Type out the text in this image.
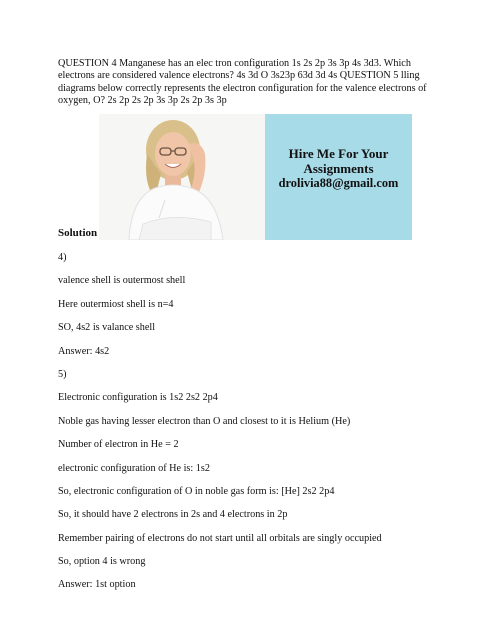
QUESTION 4 Manganese has an elec tron configuration 1s 2s 2p 3s 3p 4s 3d3. Which electrons are considered valence electrons? 4s 3d O 3s23p 63d 3d 4s QUESTION 5 lling diagrams below correctly represents the electron configuration for the valence electrons of oxygen, O? 2s 2p 2s 2p 3s 3p 2s 2p 3s 3p

Solution
Hire Me For Your
Assignments
drolivia88@gmail.com
4)
valence shell is outermost shell
Here outermiost shell is n=4
SO, 4s2 is valance shell
Answer: 4s2
5)
Electronic configuration is 1s2 2s2 2p4
Noble gas having lesser electron than O and closest to it is Helium (He)
Number of electron in He = 2
electronic configuration of He is: 1s2
So, electronic configuration of O in noble gas form is: [He] 2s2 2p4
So, it should have 2 electrons in 2s and 4 electrons in 2p
Remember pairing of electrons do not start until all orbitals are singly occupied
So, option 4 is wrong
Answer: 1st option
